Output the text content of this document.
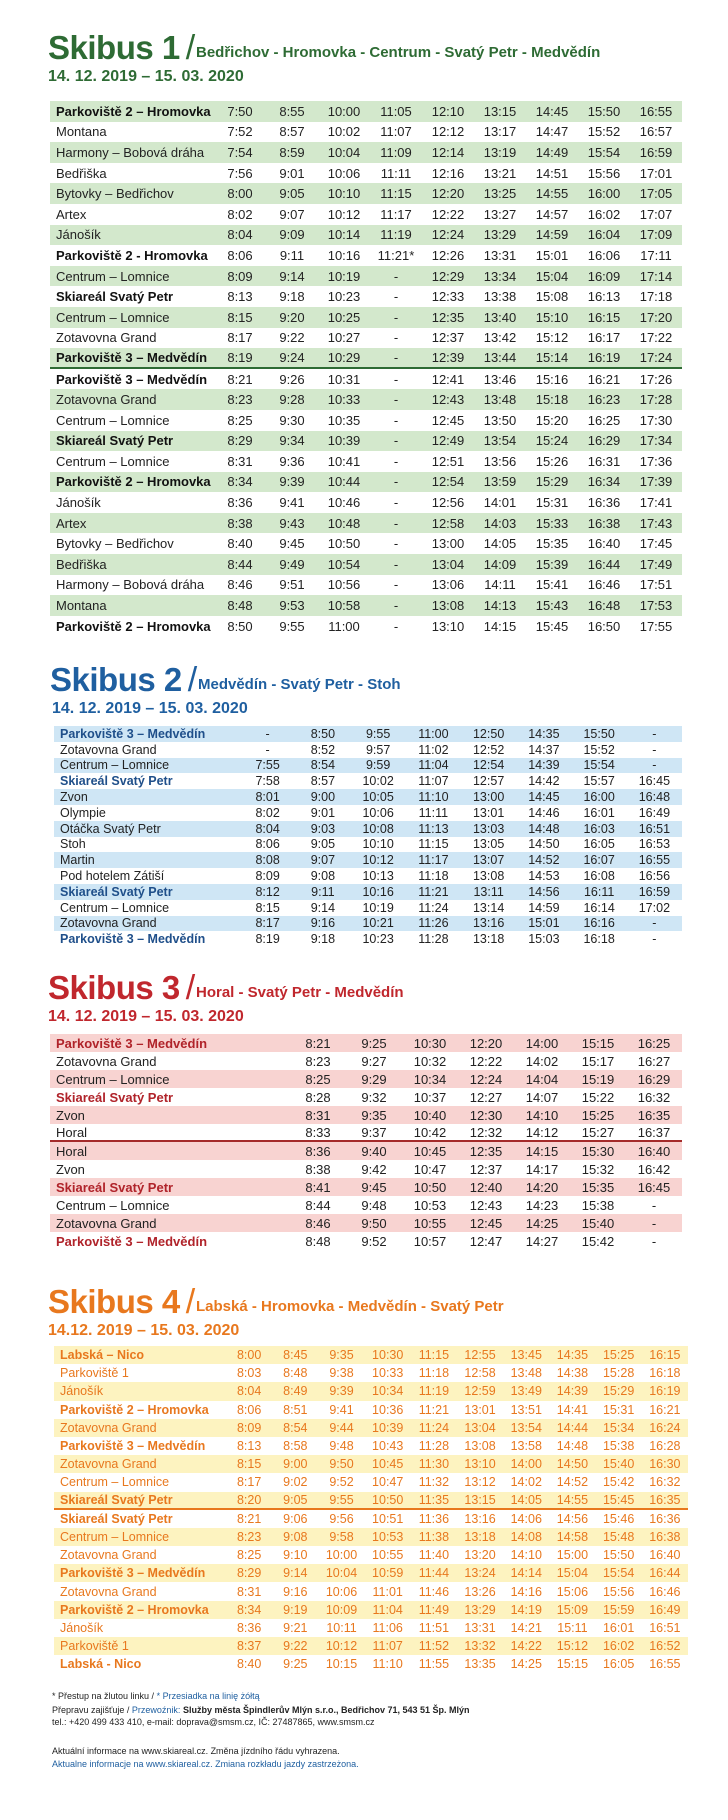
Skibus 1 / Bedřichov - Hromovka - Centrum - Svatý Petr - Medvědín
14. 12. 2019 – 15. 03. 2020
Parkoviště 2 – Hromovka	7:50	8:55	10:00	11:05	12:10	13:15	14:45	15:50	16:55
Montana	7:52	8:57	10:02	11:07	12:12	13:17	14:47	15:52	16:57
Harmony – Bobová dráha	7:54	8:59	10:04	11:09	12:14	13:19	14:49	15:54	16:59
Bedřiška	7:56	9:01	10:06	11:11	12:16	13:21	14:51	15:56	17:01
Bytovky – Bedřichov	8:00	9:05	10:10	11:15	12:20	13:25	14:55	16:00	17:05
Artex	8:02	9:07	10:12	11:17	12:22	13:27	14:57	16:02	17:07
Jánošík	8:04	9:09	10:14	11:19	12:24	13:29	14:59	16:04	17:09
Parkoviště 2 - Hromovka	8:06	9:11	10:16	11:21*	12:26	13:31	15:01	16:06	17:11
Centrum – Lomnice	8:09	9:14	10:19	-	12:29	13:34	15:04	16:09	17:14
Skiareál Svatý Petr	8:13	9:18	10:23	-	12:33	13:38	15:08	16:13	17:18
Centrum – Lomnice	8:15	9:20	10:25	-	12:35	13:40	15:10	16:15	17:20
Zotavovna Grand	8:17	9:22	10:27	-	12:37	13:42	15:12	16:17	17:22
Parkoviště 3 – Medvědín	8:19	9:24	10:29	-	12:39	13:44	15:14	16:19	17:24
Parkoviště 3 – Medvědín	8:21	9:26	10:31	-	12:41	13:46	15:16	16:21	17:26
Zotavovna Grand	8:23	9:28	10:33	-	12:43	13:48	15:18	16:23	17:28
Centrum – Lomnice	8:25	9:30	10:35	-	12:45	13:50	15:20	16:25	17:30
Skiareál Svatý Petr	8:29	9:34	10:39	-	12:49	13:54	15:24	16:29	17:34
Centrum – Lomnice	8:31	9:36	10:41	-	12:51	13:56	15:26	16:31	17:36
Parkoviště 2 – Hromovka	8:34	9:39	10:44	-	12:54	13:59	15:29	16:34	17:39
Jánošík	8:36	9:41	10:46	-	12:56	14:01	15:31	16:36	17:41
Artex	8:38	9:43	10:48	-	12:58	14:03	15:33	16:38	17:43
Bytovky – Bedřichov	8:40	9:45	10:50	-	13:00	14:05	15:35	16:40	17:45
Bedřiška	8:44	9:49	10:54	-	13:04	14:09	15:39	16:44	17:49
Harmony – Bobová dráha	8:46	9:51	10:56	-	13:06	14:11	15:41	16:46	17:51
Montana	8:48	9:53	10:58	-	13:08	14:13	15:43	16:48	17:53
Parkoviště 2 – Hromovka	8:50	9:55	11:00	-	13:10	14:15	15:45	16:50	17:55
Skibus 2 / Medvědín - Svatý Petr - Stoh
14. 12. 2019 – 15. 03. 2020
Parkoviště 3 – Medvědín	-	8:50	9:55	11:00	12:50	14:35	15:50	-
Zotavovna Grand	-	8:52	9:57	11:02	12:52	14:37	15:52	-
Centrum – Lomnice	7:55	8:54	9:59	11:04	12:54	14:39	15:54	-
Skiareál Svatý Petr	7:58	8:57	10:02	11:07	12:57	14:42	15:57	16:45
Zvon	8:01	9:00	10:05	11:10	13:00	14:45	16:00	16:48
Olympie	8:02	9:01	10:06	11:11	13:01	14:46	16:01	16:49
Otáčka Svatý Petr	8:04	9:03	10:08	11:13	13:03	14:48	16:03	16:51
Stoh	8:06	9:05	10:10	11:15	13:05	14:50	16:05	16:53
Martin	8:08	9:07	10:12	11:17	13:07	14:52	16:07	16:55
Pod hotelem Zátiší	8:09	9:08	10:13	11:18	13:08	14:53	16:08	16:56
Skiareál Svatý Petr	8:12	9:11	10:16	11:21	13:11	14:56	16:11	16:59
Centrum – Lomnice	8:15	9:14	10:19	11:24	13:14	14:59	16:14	17:02
Zotavovna Grand	8:17	9:16	10:21	11:26	13:16	15:01	16:16	-
Parkoviště 3 – Medvědín	8:19	9:18	10:23	11:28	13:18	15:03	16:18	-
Skibus 3 / Horal - Svatý Petr - Medvědín
14. 12. 2019 – 15. 03. 2020
Parkoviště 3 – Medvědín	8:21	9:25	10:30	12:20	14:00	15:15	16:25
Zotavovna Grand	8:23	9:27	10:32	12:22	14:02	15:17	16:27
Centrum – Lomnice	8:25	9:29	10:34	12:24	14:04	15:19	16:29
Skiareál Svatý Petr	8:28	9:32	10:37	12:27	14:07	15:22	16:32
Zvon	8:31	9:35	10:40	12:30	14:10	15:25	16:35
Horal	8:33	9:37	10:42	12:32	14:12	15:27	16:37
Horal	8:36	9:40	10:45	12:35	14:15	15:30	16:40
Zvon	8:38	9:42	10:47	12:37	14:17	15:32	16:42
Skiareál Svatý Petr	8:41	9:45	10:50	12:40	14:20	15:35	16:45
Centrum – Lomnice	8:44	9:48	10:53	12:43	14:23	15:38	-
Zotavovna Grand	8:46	9:50	10:55	12:45	14:25	15:40	-
Parkoviště 3 – Medvědín	8:48	9:52	10:57	12:47	14:27	15:42	-
Skibus 4 / Labská - Hromovka - Medvědín - Svatý Petr
14.12. 2019 – 15. 03. 2020
Labská – Nico	8:00	8:45	9:35	10:30	11:15	12:55	13:45	14:35	15:25	16:15
Parkoviště 1	8:03	8:48	9:38	10:33	11:18	12:58	13:48	14:38	15:28	16:18
Jánošík	8:04	8:49	9:39	10:34	11:19	12:59	13:49	14:39	15:29	16:19
Parkoviště 2 – Hromovka	8:06	8:51	9:41	10:36	11:21	13:01	13:51	14:41	15:31	16:21
Zotavovna Grand	8:09	8:54	9:44	10:39	11:24	13:04	13:54	14:44	15:34	16:24
Parkoviště 3 – Medvědín	8:13	8:58	9:48	10:43	11:28	13:08	13:58	14:48	15:38	16:28
Zotavovna Grand	8:15	9:00	9:50	10:45	11:30	13:10	14:00	14:50	15:40	16:30
Centrum – Lomnice	8:17	9:02	9:52	10:47	11:32	13:12	14:02	14:52	15:42	16:32
Skiareál Svatý Petr	8:20	9:05	9:55	10:50	11:35	13:15	14:05	14:55	15:45	16:35
Skiareál Svatý Petr	8:21	9:06	9:56	10:51	11:36	13:16	14:06	14:56	15:46	16:36
Centrum – Lomnice	8:23	9:08	9:58	10:53	11:38	13:18	14:08	14:58	15:48	16:38
Zotavovna Grand	8:25	9:10	10:00	10:55	11:40	13:20	14:10	15:00	15:50	16:40
Parkoviště 3 – Medvědín	8:29	9:14	10:04	10:59	11:44	13:24	14:14	15:04	15:54	16:44
Zotavovna Grand	8:31	9:16	10:06	11:01	11:46	13:26	14:16	15:06	15:56	16:46
Parkoviště 2 – Hromovka	8:34	9:19	10:09	11:04	11:49	13:29	14:19	15:09	15:59	16:49
Jánošík	8:36	9:21	10:11	11:06	11:51	13:31	14:21	15:11	16:01	16:51
Parkoviště 1	8:37	9:22	10:12	11:07	11:52	13:32	14:22	15:12	16:02	16:52
Labská - Nico	8:40	9:25	10:15	11:10	11:55	13:35	14:25	15:15	16:05	16:55
* Přestup na žlutou linku / * Przesiadka na linię żółtą
Přepravu zajišťuje / Przewoźnik: Služby města Špindlerův Mlýn s.r.o., Bedřichov 71, 543 51 Šp. Mlýn
tel.: +420 499 433 410, e-mail: doprava@smsm.cz, IČ: 27487865, www.smsm.cz
Aktuální informace na www.skiareal.cz. Změna jízdního řádu vyhrazena.
Aktualne informacje na www.skiareal.cz. Zmiana rozkładu jazdy zastrzeżona.
